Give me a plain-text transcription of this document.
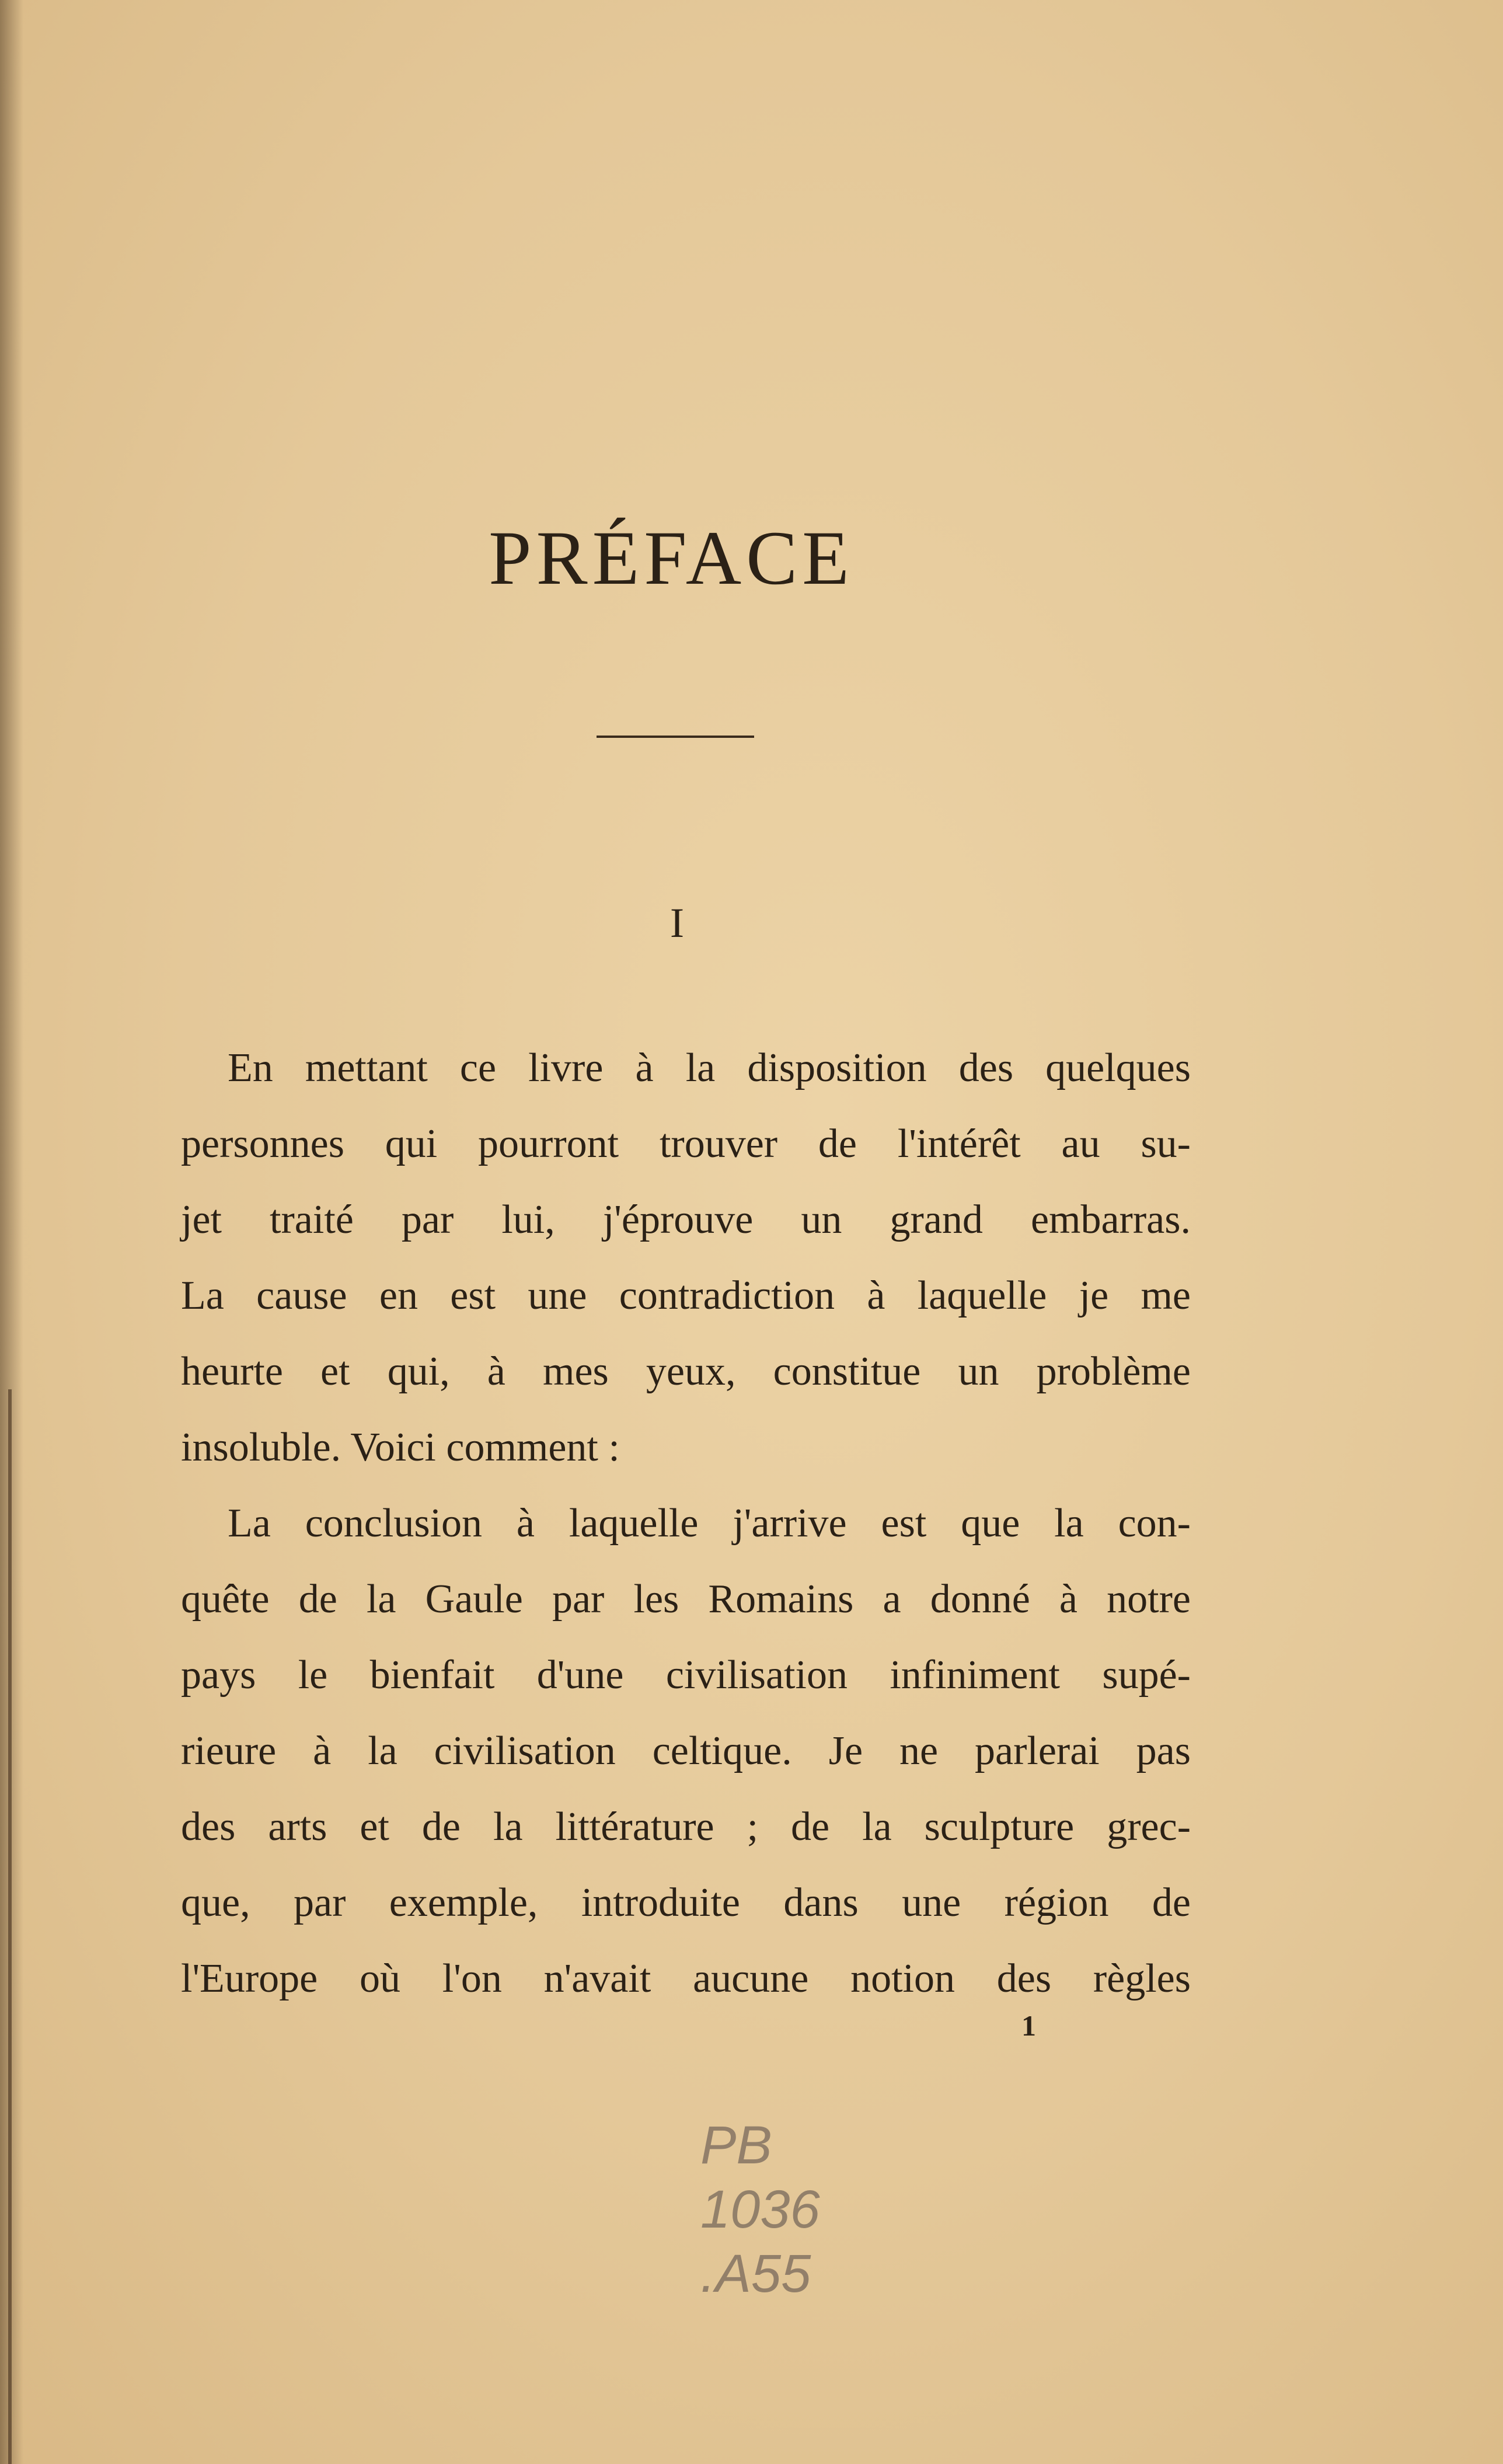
PRÉFACE
I
En mettant ce livre à la disposition des quelques
personnes qui pourront trouver de l'intérêt au su-
jet traité par lui, j'éprouve un grand embarras.
La cause en est une contradiction à laquelle je me
heurte et qui, à mes yeux, constitue un problème
insoluble. Voici comment :
La conclusion à laquelle j'arrive est que la con-
quête de la Gaule par les Romains a donné à notre
pays le bienfait d'une civilisation infiniment supé-
rieure à la civilisation celtique. Je ne parlerai pas
des arts et de la littérature ; de la sculpture grec-
que, par exemple, introduite dans une région de
l'Europe où l'on n'avait aucune notion des règles
1
PB
1036
.A55
